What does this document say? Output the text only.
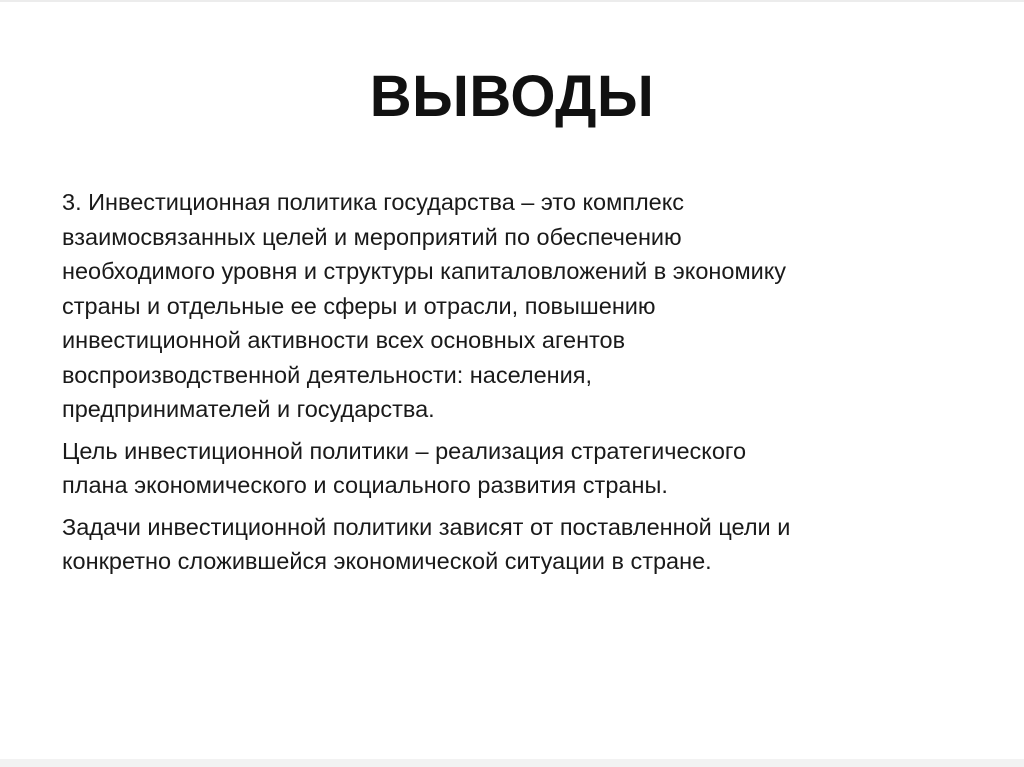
ВЫВОДЫ

3. Инвестиционная политика государства – это комплекс
взаимосвязанных целей и мероприятий по обеспечению
необходимого уровня и структуры капиталовложений в экономику
страны и отдельные ее сферы и отрасли, повышению
инвестиционной активности всех основных агентов
воспроизводственной деятельности: населения,
предпринимателей и государства.

Цель инвестиционной политики – реализация стратегического
плана экономического и социального развития страны.

Задачи инвестиционной политики зависят от поставленной цели и
конкретно сложившейся экономической ситуации в стране.
